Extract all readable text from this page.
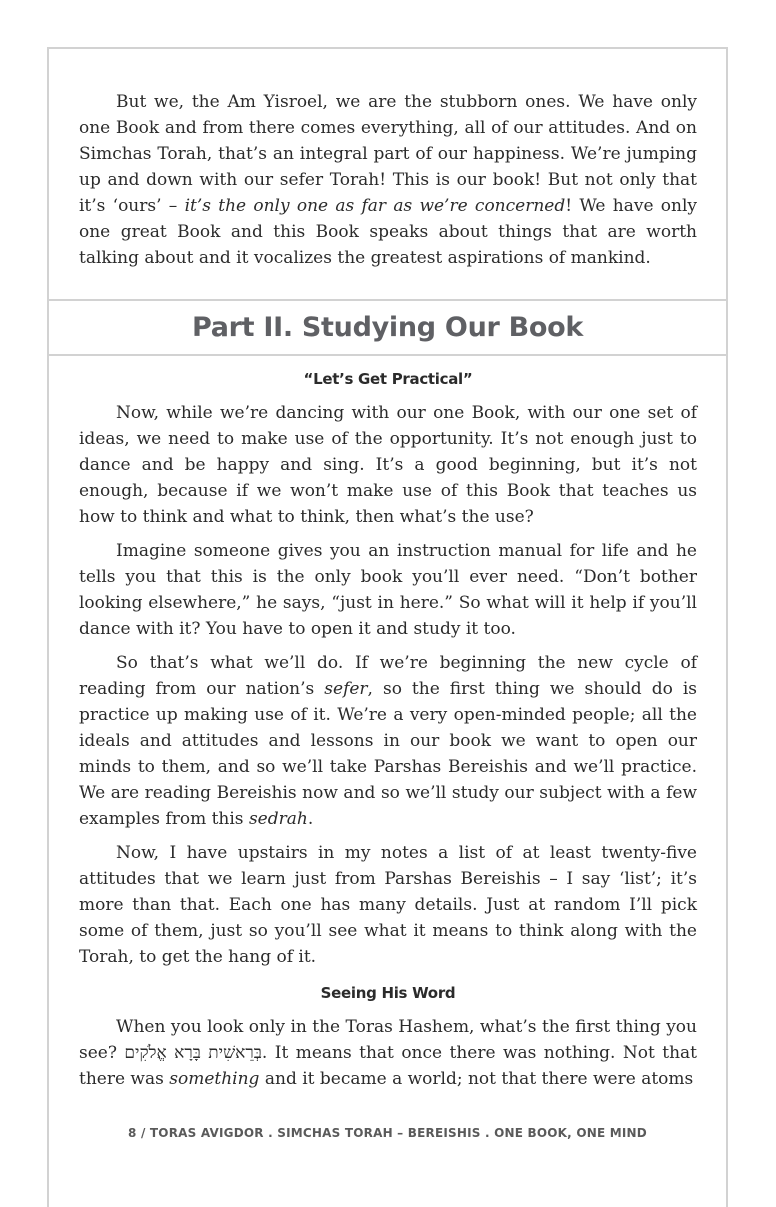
But we, the Am Yisroel, we are the stubborn ones. We have only one Book and from there comes everything, all of our attitudes. And on Simchas Torah, that’s an integral part of our happiness. We’re jumping up and down with our sefer Torah! This is our book! But not only that it’s ‘ours’ – it’s the only one as far as we’re concerned! We have only one great Book and this Book speaks about things that are worth talking about and it vocalizes the greatest aspirations of mankind.

Part II. Studying Our Book
“Let’s Get Practical”

Now, while we’re dancing with our one Book, with our one set of ideas, we need to make use of the opportunity. It’s not enough just to dance and be happy and sing. It’s a good beginning, but it’s not enough, because if we won’t make use of this Book that teaches us how to think and what to think, then what’s the use?

Imagine someone gives you an instruction manual for life and he tells you that this is the only book you’ll ever need. “Don’t bother looking elsewhere,” he says, “just in here.” So what will it help if you’ll dance with it? You have to open it and study it too.

So that’s what we’ll do. If we’re beginning the new cycle of reading from our nation’s sefer, so the first thing we should do is practice up making use of it. We’re a very open-minded people; all the ideals and attitudes and lessons in our book we want to open our minds to them, and so we’ll take Parshas Bereishis and we’ll practice. We are reading Bereishis now and so we’ll study our subject with a few examples from this sedrah.

Now, I have upstairs in my notes a list of at least twenty-five attitudes that we learn just from Parshas Bereishis – I say ‘list’; it’s more than that. Each one has many details. Just at random I’ll pick some of them, just so you’ll see what it means to think along with the Torah, to get the hang of it.

Seeing His Word

When you look only in the Toras Hashem, what’s the first thing you see? בְּרֵאשִׁית בָּרָא אֱלֹקִים. It means that once there was nothing. Not that there was something and it became a world; not that there were atoms

8 / TORAS AVIGDOR . SIMCHAS TORAH – BEREISHIS . ONE BOOK, ONE MIND
